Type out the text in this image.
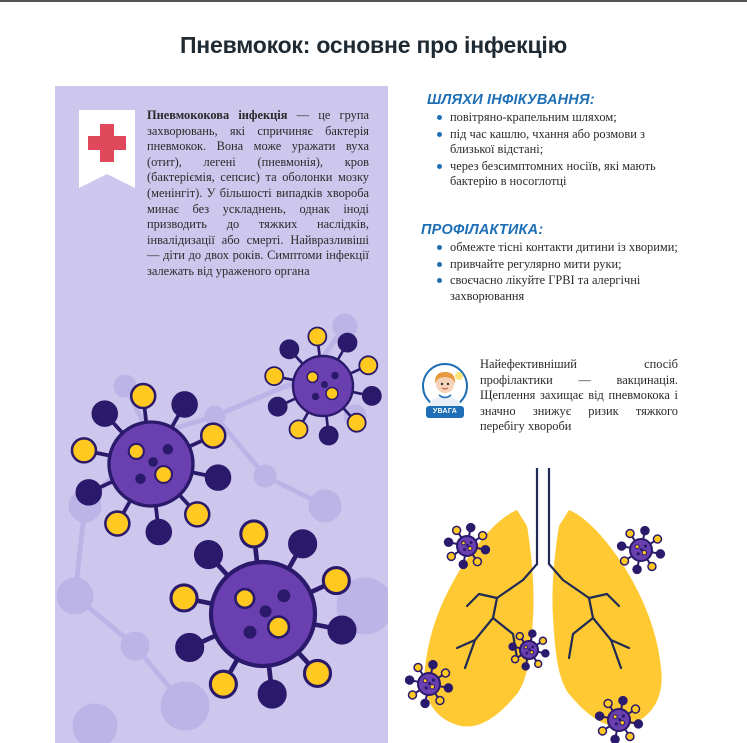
Пневмокок: основне про інфекцію
Пневмококова інфекція — це група захворювань, які спричиняє бактерія пневмокок. Вона може уражати вуха (отит), легені (пневмонія), кров (бактеріємія, сепсис) та оболонки мозку (менінгіт). У більшості випадків хвороба минає без ускладнень, однак іноді призводить до тяжких наслідків, інвалідизації або смерті. Найвразливіші — діти до двох років. Симптоми інфекції залежать від ураженого органа
ШЛЯХИ ІНФІКУВАННЯ:
повітряно-крапельним шляхом;
під час кашлю, чхання або розмови з близької відстані;
через безсимптомних носіїв, які мають бактерію в носоглотці
ПРОФІЛАКТИКА:
обмежте тісні контакти дитини із хворими;
привчайте регулярно мити руки;
своєчасно лікуйте ГРВІ та алергічні захворювання
УВАГА
Найефективніший спосіб профілактики — вакцинація. Щеплення захищає від пневмокока і значно знижує ризик тяжкого перебігу хвороби
